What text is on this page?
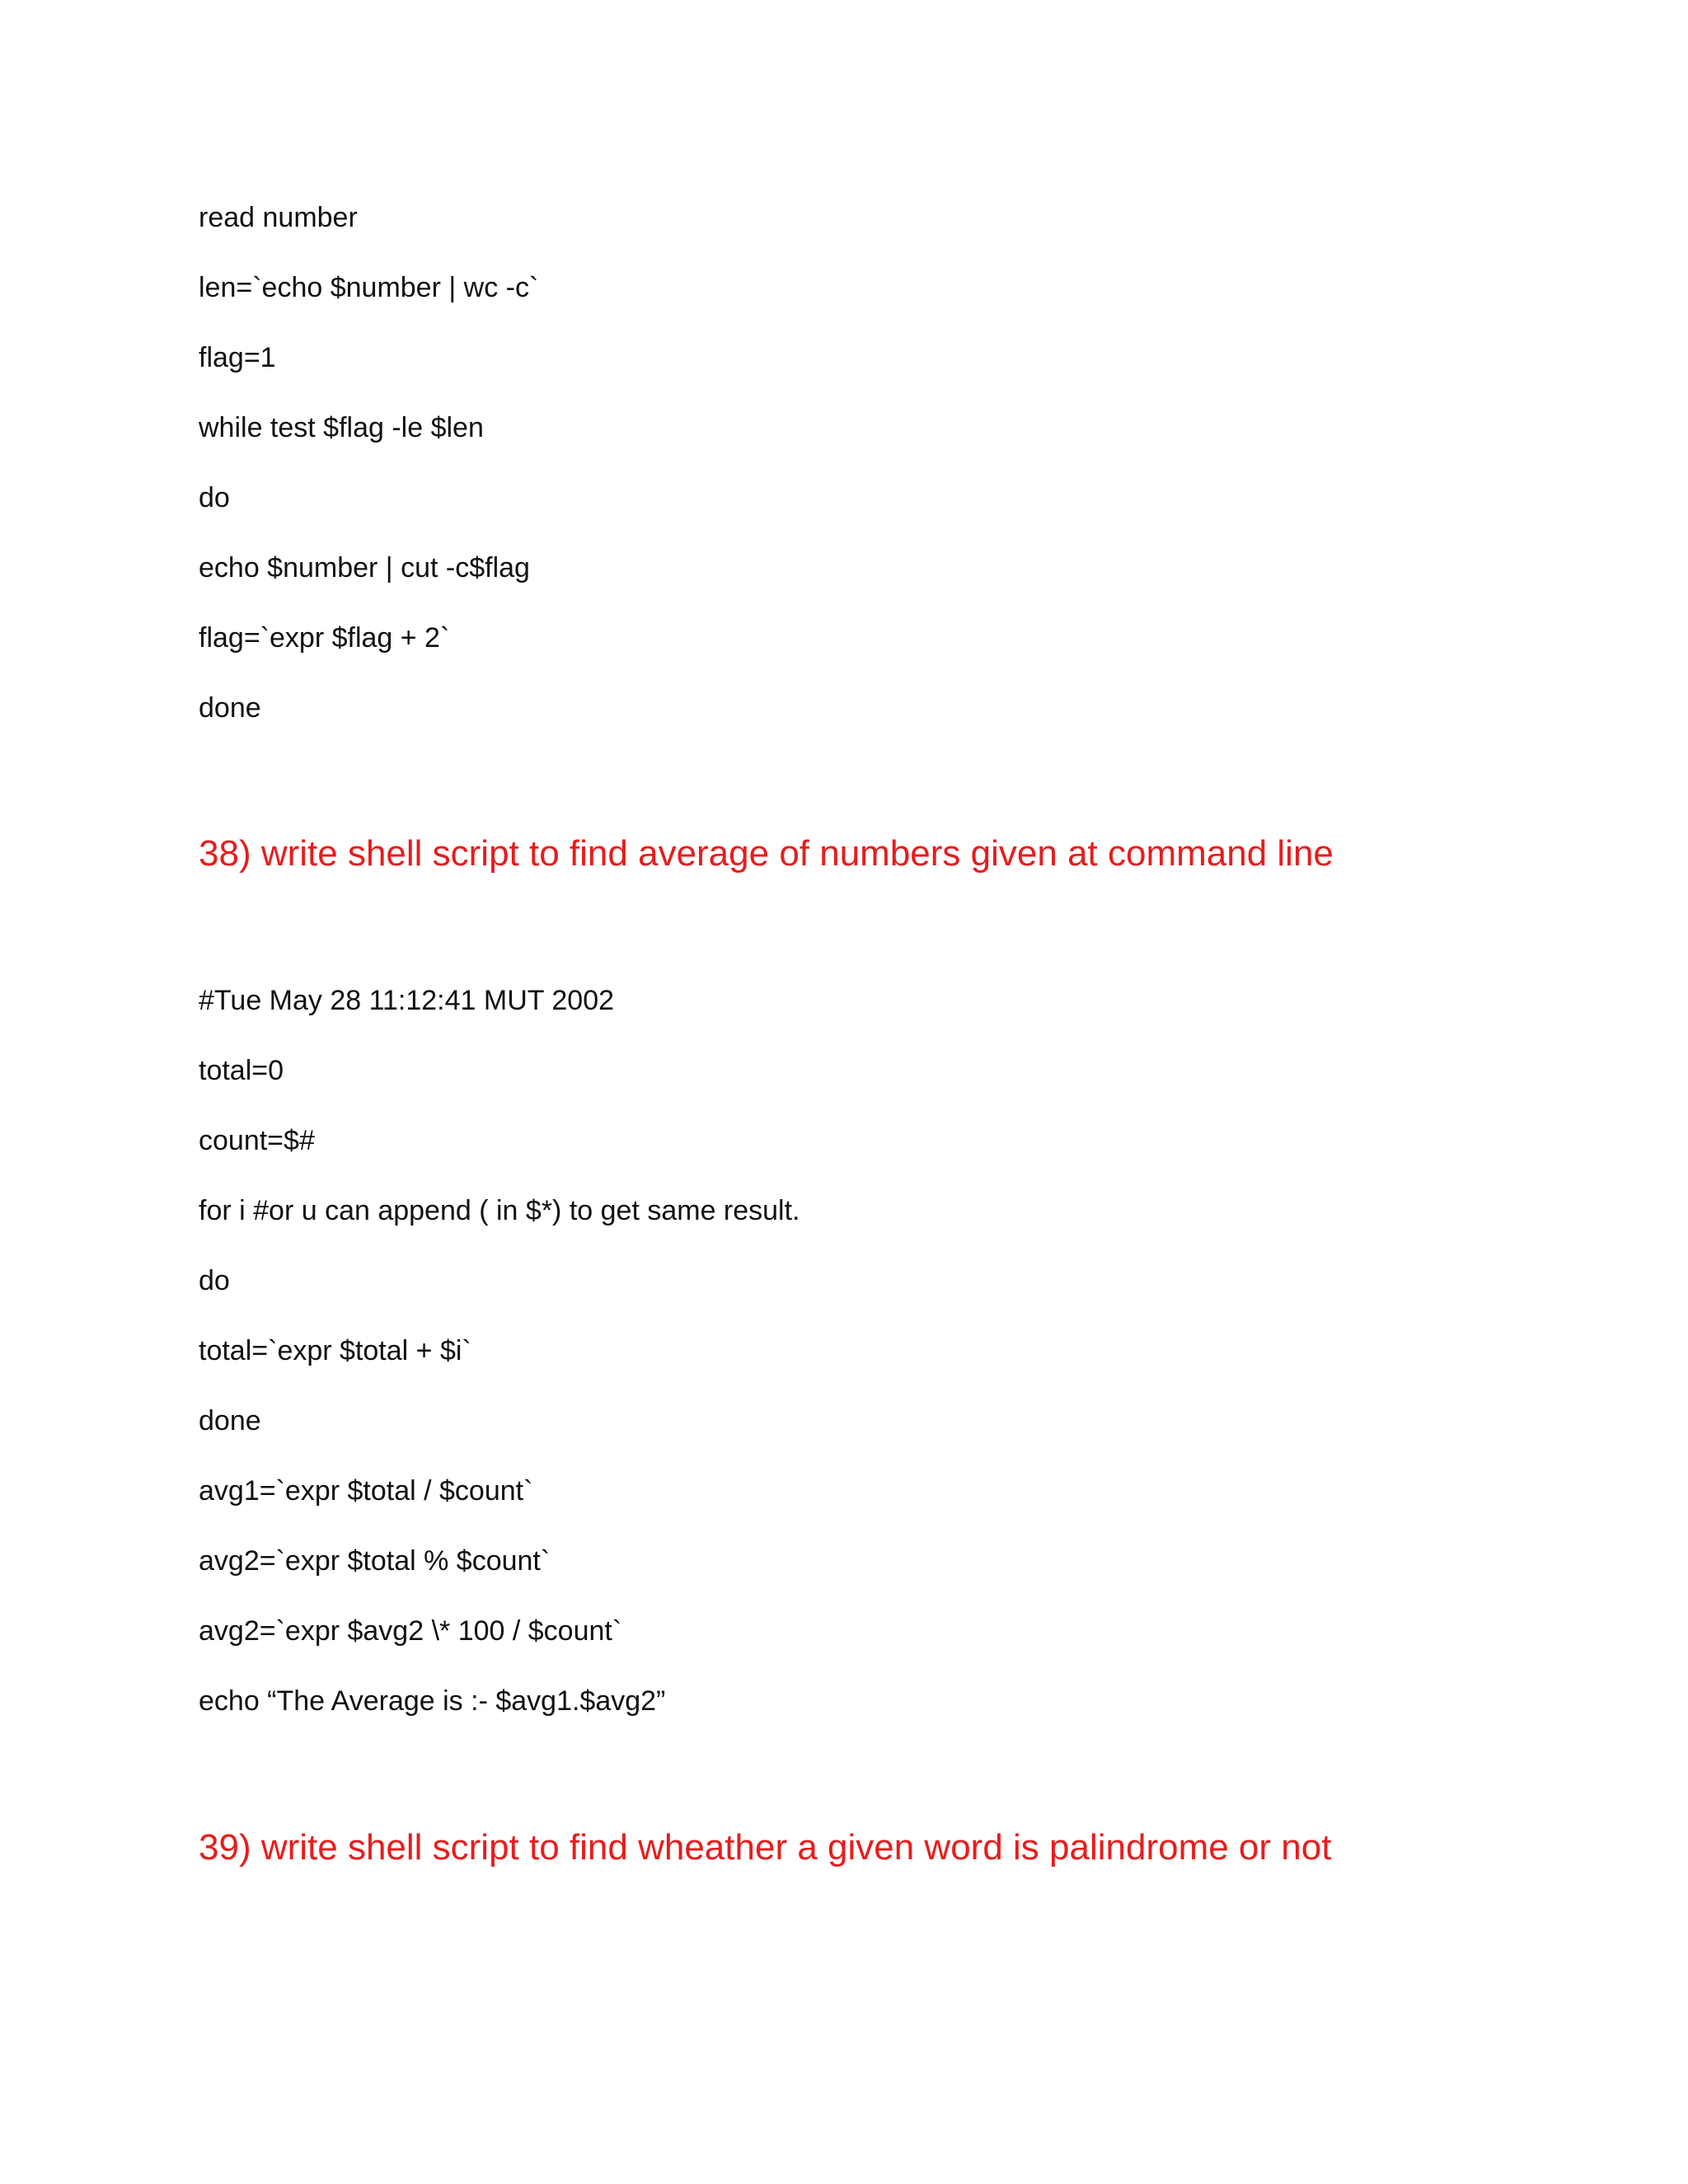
read number
len=`echo $number | wc -c`
flag=1
while test $flag -le $len
do
echo $number | cut -c$flag
flag=`expr $flag + 2`
done
38) write shell script to find average of numbers given at command line
#Tue May 28 11:12:41 MUT 2002
total=0
count=$#
for i #or u can append ( in $*) to get same result.
do
total=`expr $total + $i`
done
avg1=`expr $total / $count`
avg2=`expr $total % $count`
avg2=`expr $avg2 \* 100 / $count`
echo “The Average is :- $avg1.$avg2”
39) write shell script to find wheather a given word is palindrome or not
